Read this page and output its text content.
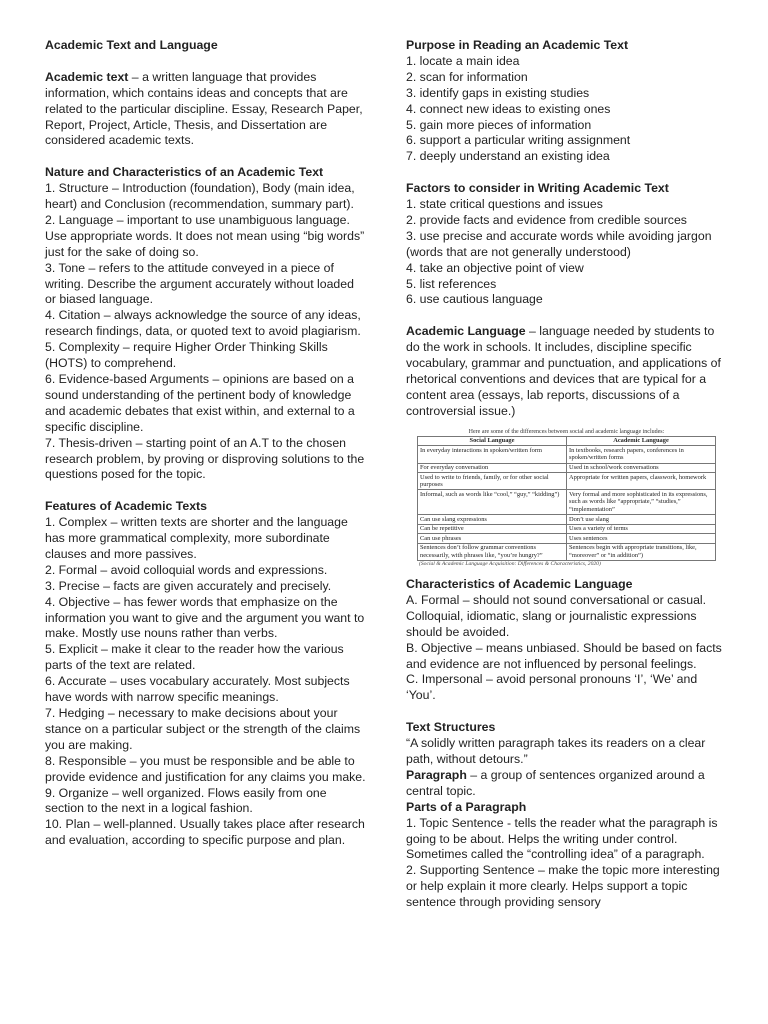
Academic Text and Language

Academic text – a written language that provides information, which contains ideas and concepts that are related to the particular discipline. Essay, Research Paper, Report, Project, Article, Thesis, and Dissertation are considered academic texts.

Nature and Characteristics of an Academic Text

1. Structure – Introduction (foundation), Body (main idea, heart) and Conclusion (recommendation, summary part).

2. Language – important to use unambiguous language. Use appropriate words. It does not mean using “big words” just for the sake of doing so.

3. Tone – refers to the attitude conveyed in a piece of writing. Describe the argument accurately without loaded or biased language.

4. Citation – always acknowledge the source of any ideas, research findings, data, or quoted text to avoid plagiarism.

5. Complexity – require Higher Order Thinking Skills (HOTS) to comprehend.

6. Evidence-based Arguments – opinions are based on a sound understanding of the pertinent body of knowledge and academic debates that exist within, and external to a specific discipline.

7. Thesis-driven – starting point of an A.T to the chosen research problem, by proving or disproving solutions to the questions posed for the topic.

Features of Academic Texts

1. Complex – written texts are shorter and the language has more grammatical complexity, more subordinate clauses and more passives.

2. Formal – avoid colloquial words and expressions.

3. Precise – facts are given accurately and precisely.

4. Objective – has fewer words that emphasize on the information you want to give and the argument you want to make. Mostly use nouns rather than verbs.

5. Explicit – make it clear to the reader how the various parts of the text are related.

6. Accurate – uses vocabulary accurately. Most subjects have words with narrow specific meanings.

7. Hedging – necessary to make decisions about your stance on a particular subject or the strength of the claims you are making.

8. Responsible – you must be responsible and be able to provide evidence and justification for any claims you make.

9. Organize – well organized. Flows easily from one section to the next in a logical fashion.

10. Plan – well-planned. Usually takes place after research and evaluation, according to specific purpose and plan.

Purpose in Reading an Academic Text

1. locate a main idea

2. scan for information

3. identify gaps in existing studies

4. connect new ideas to existing ones

5. gain more pieces of information

6. support a particular writing assignment

7. deeply understand an existing idea

Factors to consider in Writing Academic Text

1. state critical questions and issues

2. provide facts and evidence from credible sources

3. use precise and accurate words while avoiding jargon (words that are not generally understood)

4. take an objective point of view

5. list references

6. use cautious language

Academic Language – language needed by students to do the work in schools. It includes, discipline specific vocabulary, grammar and punctuation, and applications of rhetorical conventions and devices that are typical for a content area (essays, lab reports, discussions of a controversial issue.)

Here are some of the differences between social and academic language includes:
Social Language	Academic Language
In everyday interactions in spoken/written form	In textbooks, research papers, conferences in spoken/written forms
For everyday conversation	Used in school/work conversations
Used to write to friends, family, or for other social purposes	Appropriate for written papers, classwork, homework
Informal, such as words like “cool,” “guy,” “kidding”)	Very formal and more sophisticated in its expressions, such as words like “appropriate,” “studies,” “implementation”
Can use slang expressions	Don’t use slang
Can be repetitive	Uses a variety of terms
Can use phrases	Uses sentences
Sentences don’t follow grammar conventions necessarily, with phrases like, “you’re hungry?”	Sentences begin with appropriate transitions, like, “moreover” or “in addition”)
(Social & Academic Language Acquisition: Differences & Characteristics, 2020)

Characteristics of Academic Language

A. Formal – should not sound conversational or casual. Colloquial, idiomatic, slang or journalistic expressions should be avoided.

B. Objective – means unbiased. Should be based on facts and evidence are not influenced by personal feelings.

C. Impersonal – avoid personal pronouns ‘I’, ‘We’ and ‘You’.

Text Structures

“A solidly written paragraph takes its readers on a clear path, without detours.”

Paragraph – a group of sentences organized around a central topic.

Parts of a Paragraph

1. Topic Sentence - tells the reader what the paragraph is going to be about. Helps the writing under control. Sometimes called the “controlling idea” of a paragraph.

2. Supporting Sentence – make the topic more interesting or help explain it more clearly. Helps support a topic sentence through providing sensory
